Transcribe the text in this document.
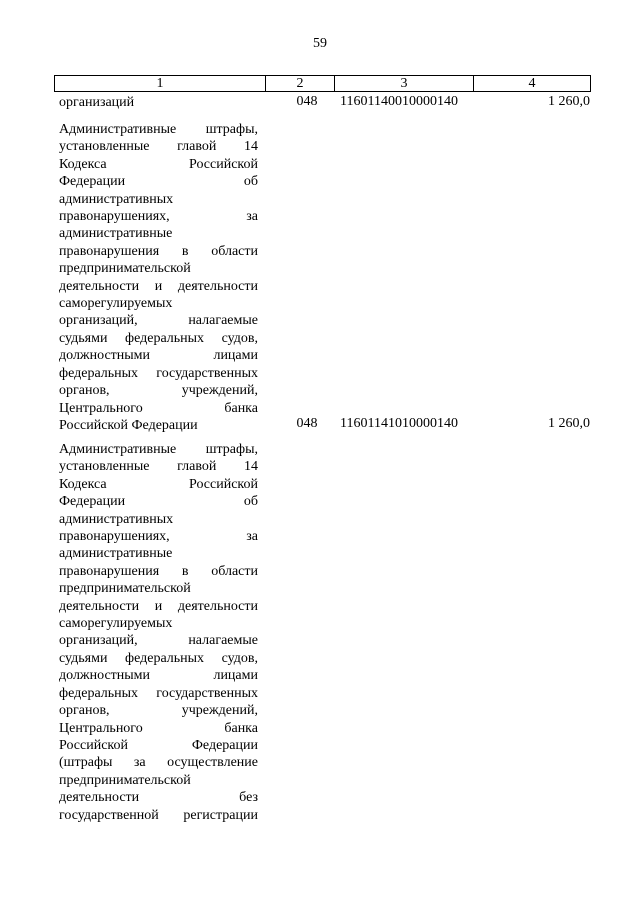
59
1	2	3	4
организаций	048	11601140010000140	1 260,0
Административные штрафы,
установленные главой 14
Кодекса Российской
Федерации об
административных
правонарушениях, за
административные
правонарушения в области
предпринимательской
деятельности и деятельности
саморегулируемых
организаций, налагаемые
судьями федеральных судов,
должностными лицами
федеральных государственных
органов, учреждений,
Центрального банка
Российской Федерации	048	11601141010000140	1 260,0
Административные штрафы,
установленные главой 14
Кодекса Российской
Федерации об
административных
правонарушениях, за
административные
правонарушения в области
предпринимательской
деятельности и деятельности
саморегулируемых
организаций, налагаемые
судьями федеральных судов,
должностными лицами
федеральных государственных
органов, учреждений,
Центрального банка
Российской Федерации
(штрафы за осуществление
предпринимательской
деятельности без
государственной регистрации
